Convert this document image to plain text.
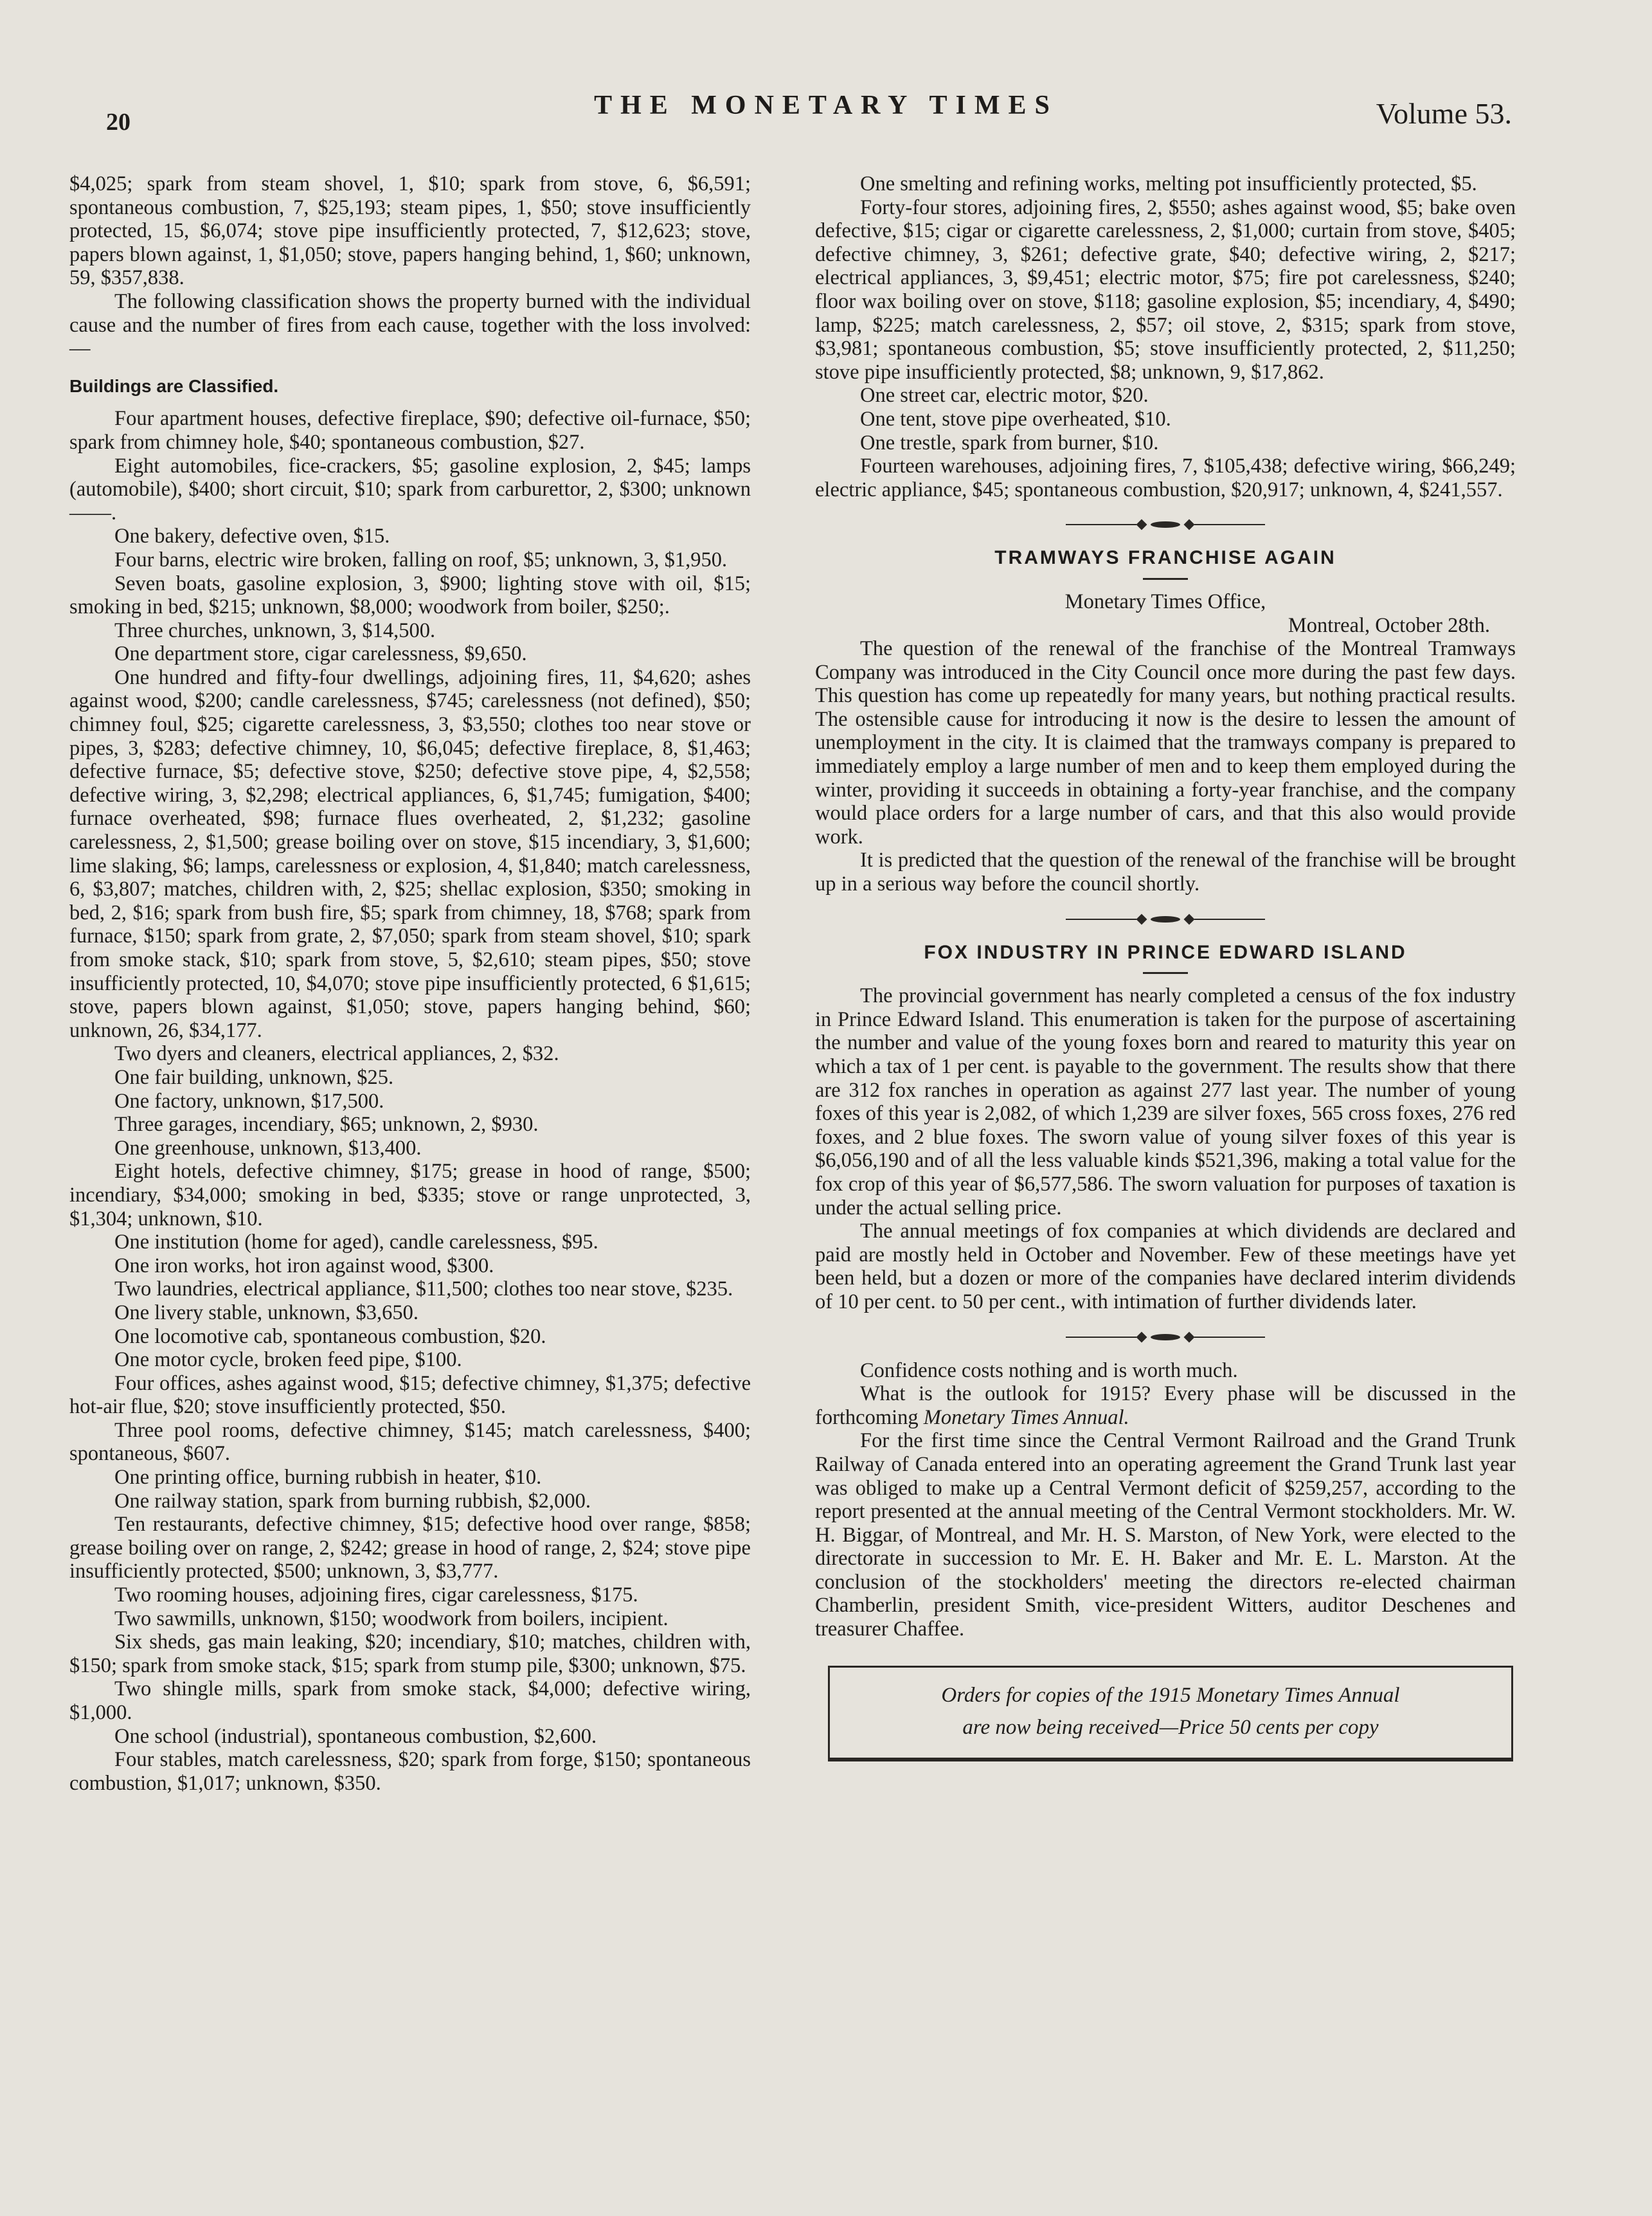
THE MONETARY TIMES
20	Volume 53.

$4,025; spark from steam shovel, 1, $10; spark from stove, 6, $6,591; spontaneous combustion, 7, $25,193; steam pipes, 1, $50; stove insufficiently protected, 15, $6,074; stove pipe insufficiently protected, 7, $12,623; stove, papers blown against, 1, $1,050; stove, papers hanging behind, 1, $60; unknown, 59, $357,838.

The following classification shows the property burned with the individual cause and the number of fires from each cause, together with the loss involved:—

Buildings are Classified.

Four apartment houses, defective fireplace, $90; defective oil-furnace, $50; spark from chimney hole, $40; spontaneous combustion, $27.

Eight automobiles, fice-crackers, $5; gasoline explosion, 2, $45; lamps (automobile), $400; short circuit, $10; spark from carburettor, 2, $300; unknown ——.

One bakery, defective oven, $15.

Four barns, electric wire broken, falling on roof, $5; unknown, 3, $1,950.

Seven boats, gasoline explosion, 3, $900; lighting stove with oil, $15; smoking in bed, $215; unknown, $8,000; woodwork from boiler, $250;.

Three churches, unknown, 3, $14,500.

One department store, cigar carelessness, $9,650.

One hundred and fifty-four dwellings, adjoining fires, 11, $4,620; ashes against wood, $200; candle carelessness, $745; carelessness (not defined), $50; chimney foul, $25; cigarette carelessness, 3, $3,550; clothes too near stove or pipes, 3, $283; defective chimney, 10, $6,045; defective fireplace, 8, $1,463; defective furnace, $5; defective stove, $250; defective stove pipe, 4, $2,558; defective wiring, 3, $2,298; electrical appliances, 6, $1,745; fumigation, $400; furnace overheated, $98; furnace flues overheated, 2, $1,232; gasoline carelessness, 2, $1,500; grease boiling over on stove, $15 incendiary, 3, $1,600; lime slaking, $6; lamps, carelessness or explosion, 4, $1,840; match carelessness, 6, $3,807; matches, children with, 2, $25; shellac explosion, $350; smoking in bed, 2, $16; spark from bush fire, $5; spark from chimney, 18, $768; spark from furnace, $150; spark from grate, 2, $7,050; spark from steam shovel, $10; spark from smoke stack, $10; spark from stove, 5, $2,610; steam pipes, $50; stove insufficiently protected, 10, $4,070; stove pipe insufficiently protected, 6 $1,615; stove, papers blown against, $1,050; stove, papers hanging behind, $60; unknown, 26, $34,177.

Two dyers and cleaners, electrical appliances, 2, $32.

One fair building, unknown, $25.

One factory, unknown, $17,500.

Three garages, incendiary, $65; unknown, 2, $930.

One greenhouse, unknown, $13,400.

Eight hotels, defective chimney, $175; grease in hood of range, $500; incendiary, $34,000; smoking in bed, $335; stove or range unprotected, 3, $1,304; unknown, $10.

One institution (home for aged), candle carelessness, $95.

One iron works, hot iron against wood, $300.

Two laundries, electrical appliance, $11,500; clothes too near stove, $235.

One livery stable, unknown, $3,650.

One locomotive cab, spontaneous combustion, $20.

One motor cycle, broken feed pipe, $100.

Four offices, ashes against wood, $15; defective chimney, $1,375; defective hot-air flue, $20; stove insufficiently protected, $50.

Three pool rooms, defective chimney, $145; match carelessness, $400; spontaneous, $607.

One printing office, burning rubbish in heater, $10.

One railway station, spark from burning rubbish, $2,000.

Ten restaurants, defective chimney, $15; defective hood over range, $858; grease boiling over on range, 2, $242; grease in hood of range, 2, $24; stove pipe insufficiently protected, $500; unknown, 3, $3,777.

Two rooming houses, adjoining fires, cigar carelessness, $175.

Two sawmills, unknown, $150; woodwork from boilers, incipient.

Six sheds, gas main leaking, $20; incendiary, $10; matches, children with, $150; spark from smoke stack, $15; spark from stump pile, $300; unknown, $75.

Two shingle mills, spark from smoke stack, $4,000; defective wiring, $1,000.

One school (industrial), spontaneous combustion, $2,600.

Four stables, match carelessness, $20; spark from forge, $150; spontaneous combustion, $1,017; unknown, $350.

One smelting and refining works, melting pot insufficiently protected, $5.

Forty-four stores, adjoining fires, 2, $550; ashes against wood, $5; bake oven defective, $15; cigar or cigarette carelessness, 2, $1,000; curtain from stove, $405; defective chimney, 3, $261; defective grate, $40; defective wiring, 2, $217; electrical appliances, 3, $9,451; electric motor, $75; fire pot carelessness, $240; floor wax boiling over on stove, $118; gasoline explosion, $5; incendiary, 4, $490; lamp, $225; match carelessness, 2, $57; oil stove, 2, $315; spark from stove, $3,981; spontaneous combustion, $5; stove insufficiently protected, 2, $11,250; stove pipe insufficiently protected, $8; unknown, 9, $17,862.

One street car, electric motor, $20.

One tent, stove pipe overheated, $10.

One trestle, spark from burner, $10.

Fourteen warehouses, adjoining fires, 7, $105,438; defective wiring, $66,249; electric appliance, $45; spontaneous combustion, $20,917; unknown, 4, $241,557.

TRAMWAYS FRANCHISE AGAIN

Monetary Times Office,

Montreal, October 28th.

The question of the renewal of the franchise of the Montreal Tramways Company was introduced in the City Council once more during the past few days. This question has come up repeatedly for many years, but nothing practical results. The ostensible cause for introducing it now is the desire to lessen the amount of unemployment in the city. It is claimed that the tramways company is prepared to immediately employ a large number of men and to keep them employed during the winter, providing it succeeds in obtaining a forty-year franchise, and the company would place orders for a large number of cars, and that this also would provide work.

It is predicted that the question of the renewal of the franchise will be brought up in a serious way before the council shortly.

FOX INDUSTRY IN PRINCE EDWARD ISLAND

The provincial government has nearly completed a census of the fox industry in Prince Edward Island. This enumeration is taken for the purpose of ascertaining the number and value of the young foxes born and reared to maturity this year on which a tax of 1 per cent. is payable to the government. The results show that there are 312 fox ranches in operation as against 277 last year. The number of young foxes of this year is 2,082, of which 1,239 are silver foxes, 565 cross foxes, 276 red foxes, and 2 blue foxes. The sworn value of young silver foxes of this year is $6,056,190 and of all the less valuable kinds $521,396, making a total value for the fox crop of this year of $6,577,586. The sworn valuation for purposes of taxation is under the actual selling price.

The annual meetings of fox companies at which dividends are declared and paid are mostly held in October and November. Few of these meetings have yet been held, but a dozen or more of the companies have declared interim dividends of 10 per cent. to 50 per cent., with intimation of further dividends later.

Confidence costs nothing and is worth much.

What is the outlook for 1915? Every phase will be discussed in the forthcoming Monetary Times Annual.

For the first time since the Central Vermont Railroad and the Grand Trunk Railway of Canada entered into an operating agreement the Grand Trunk last year was obliged to make up a Central Vermont deficit of $259,257, according to the report presented at the annual meeting of the Central Vermont stockholders. Mr. W. H. Biggar, of Montreal, and Mr. H. S. Marston, of New York, were elected to the directorate in succession to Mr. E. H. Baker and Mr. E. L. Marston. At the conclusion of the stockholders' meeting the directors re-elected chairman Chamberlin, president Smith, vice-president Witters, auditor Deschenes and treasurer Chaffee.

Orders for copies of the 1915 Monetary Times Annual
are now being received—Price 50 cents per copy
